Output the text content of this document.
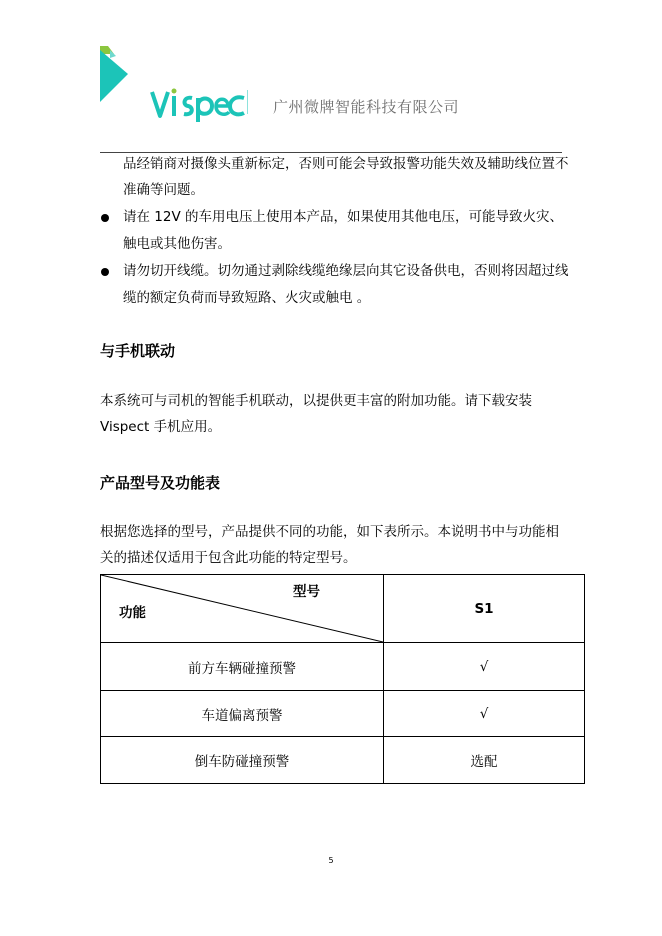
vispect
广州微牌智能科技有限公司

品经销商对摄像头重新标定，否则可能会导致报警功能失效及辅助线位置不准确等问题。

请在 12V 的车用电压上使用本产品，如果使用其他电压，可能导致火灾、触电或其他伤害。
请勿切开线缆。切勿通过剥除线缆绝缘层向其它设备供电，否则将因超过线缆的额定负荷而导致短路、火灾或触电 。
与手机联动

本系统可与司机的智能手机联动，以提供更丰富的附加功能。请下载安装 Vispect 手机应用。

产品型号及功能表

根据您选择的型号，产品提供不同的功能，如下表所示。本说明书中与功能相关的描述仅适用于包含此功能的特定型号。

型号
功能	S1
前方车辆碰撞预警	√
车道偏离预警	√
倒车防碰撞预警	选配
5
